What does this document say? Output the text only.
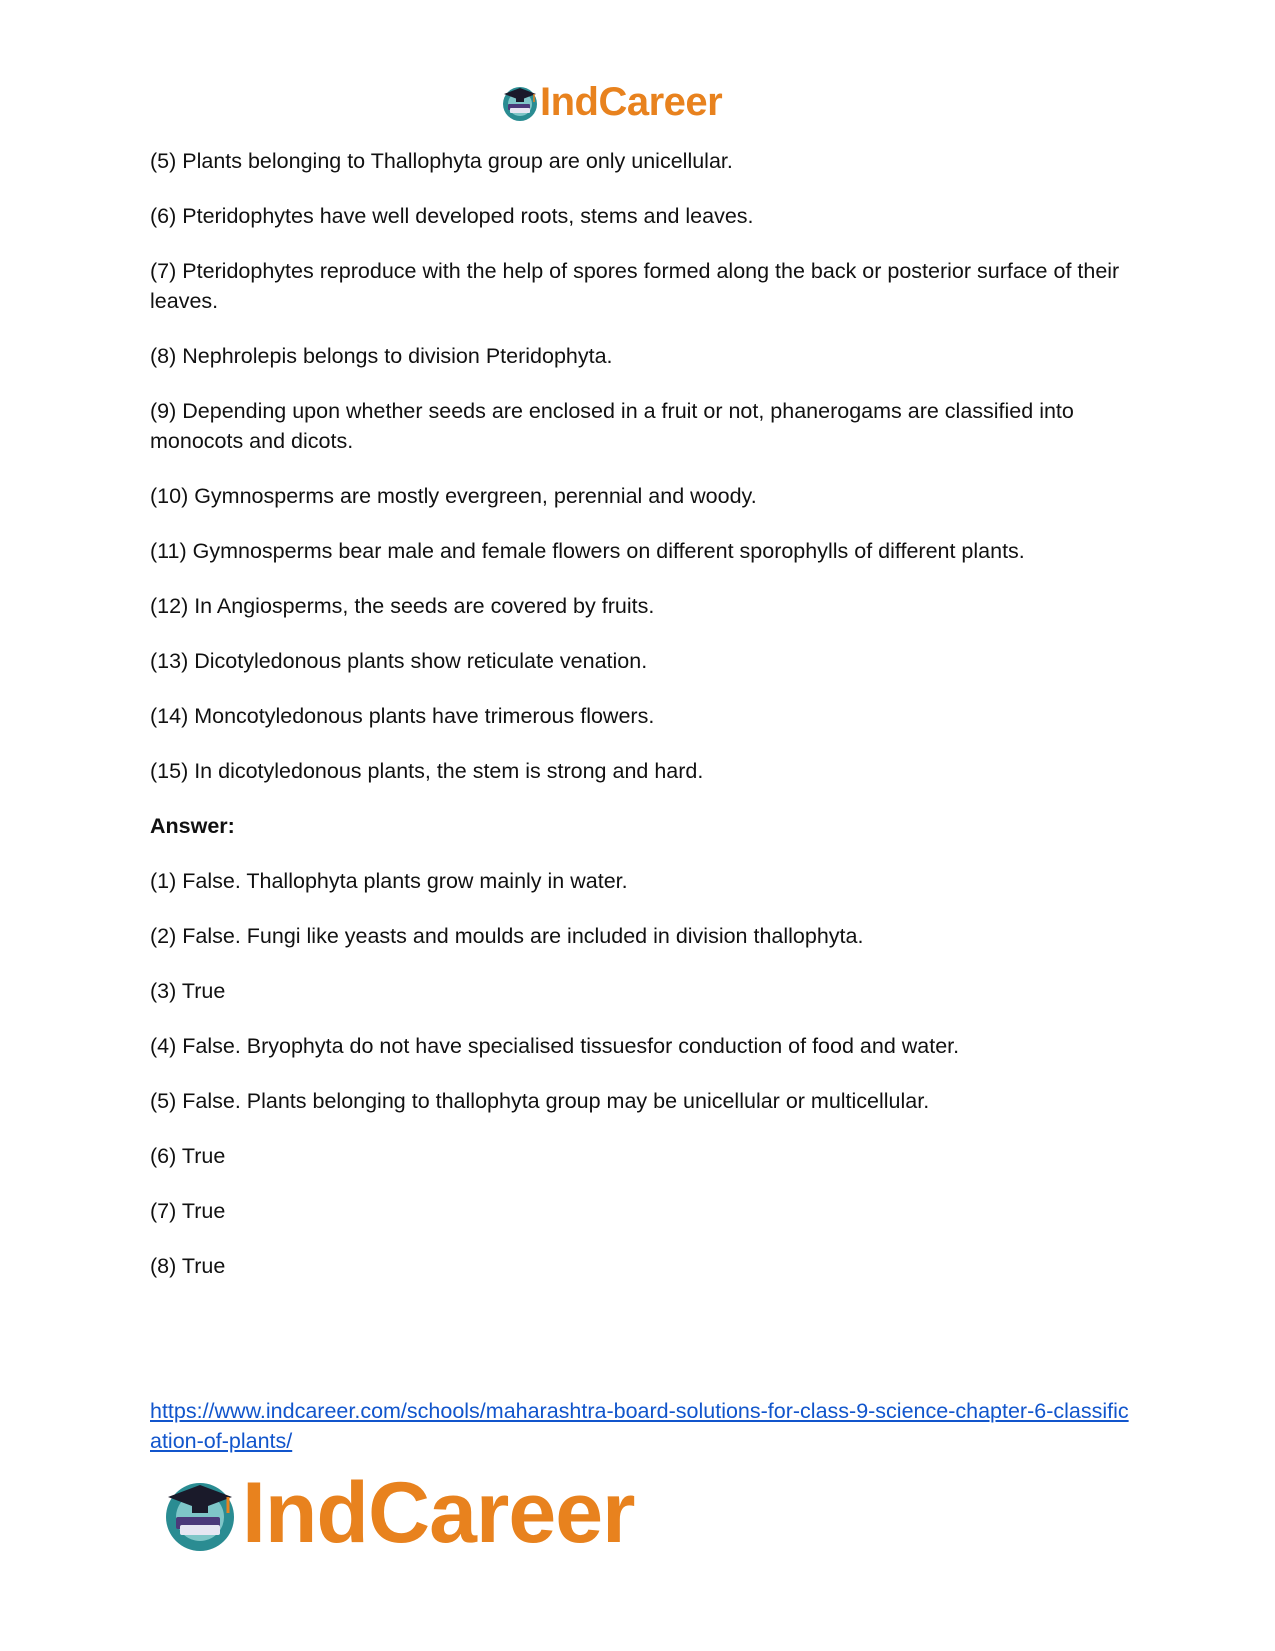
IndCareer

(5) Plants belonging to Thallophyta group are only unicellular.

(6) Pteridophytes have well developed roots, stems and leaves.

(7) Pteridophytes reproduce with the help of spores formed along the back or posterior surface of their leaves.

(8) Nephrolepis belongs to division Pteridophyta.

(9) Depending upon whether seeds are enclosed in a fruit or not, phanerogams are classified into monocots and dicots.

(10) Gymnosperms are mostly evergreen, perennial and woody.

(11) Gymnosperms bear male and female flowers on different sporophylls of different plants.

(12) In Angiosperms, the seeds are covered by fruits.

(13) Dicotyledonous plants show reticulate venation.

(14) Moncotyledonous plants have trimerous flowers.

(15) In dicotyledonous plants, the stem is strong and hard.

Answer:

(1) False. Thallophyta plants grow mainly in water.

(2) False. Fungi like yeasts and moulds are included in division thallophyta.

(3) True

(4) False. Bryophyta do not have specialised tissuesfor conduction of food and water.

(5) False. Plants belonging to thallophyta group may be unicellular or multicellular.

(6) True

(7) True

(8) True

https://www.indcareer.com/schools/maharashtra-board-solutions-for-class-9-science-chapter-6-classification-of-plants/
IndCareer
